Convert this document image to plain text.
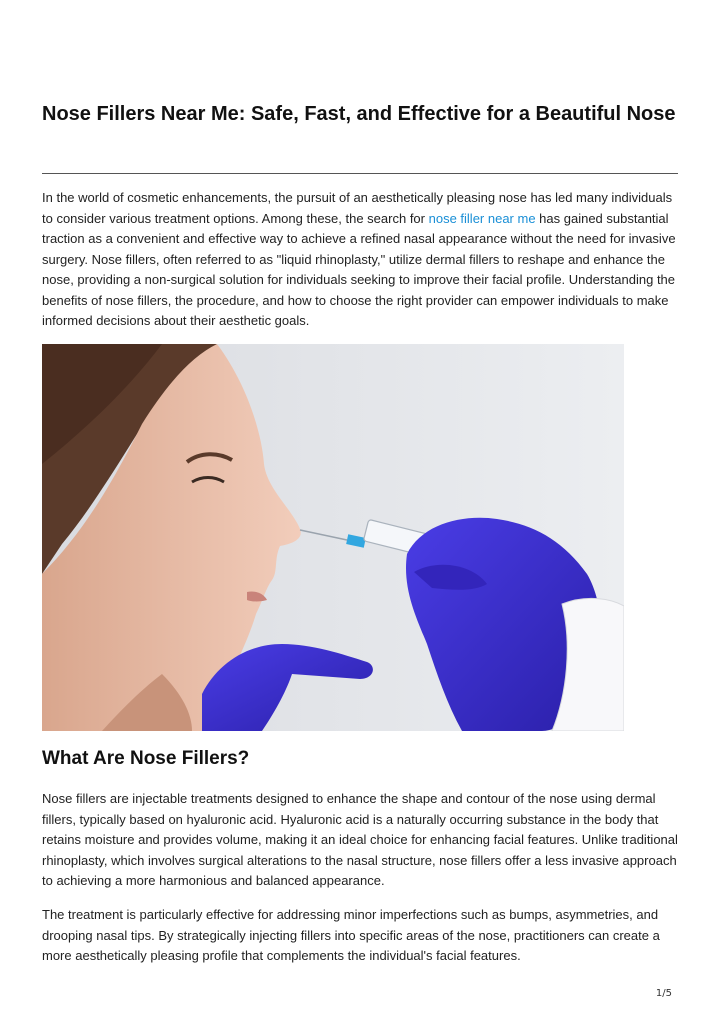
Nose Fillers Near Me: Safe, Fast, and Effective for a Beautiful Nose

In the world of cosmetic enhancements, the pursuit of an aesthetically pleasing nose has led many individuals to consider various treatment options. Among these, the search for nose filler near me has gained substantial traction as a convenient and effective way to achieve a refined nasal appearance without the need for invasive surgery. Nose fillers, often referred to as "liquid rhinoplasty," utilize dermal fillers to reshape and enhance the nose, providing a non-surgical solution for individuals seeking to improve their facial profile. Understanding the benefits of nose fillers, the procedure, and how to choose the right provider can empower individuals to make informed decisions about their aesthetic goals.

What Are Nose Fillers?

Nose fillers are injectable treatments designed to enhance the shape and contour of the nose using dermal fillers, typically based on hyaluronic acid. Hyaluronic acid is a naturally occurring substance in the body that retains moisture and provides volume, making it an ideal choice for enhancing facial features. Unlike traditional rhinoplasty, which involves surgical alterations to the nasal structure, nose fillers offer a less invasive approach to achieving a more harmonious and balanced appearance.

The treatment is particularly effective for addressing minor imperfections such as bumps, asymmetries, and drooping nasal tips. By strategically injecting fillers into specific areas of the nose, practitioners can create a more aesthetically pleasing profile that complements the individual's facial features.

1/5
